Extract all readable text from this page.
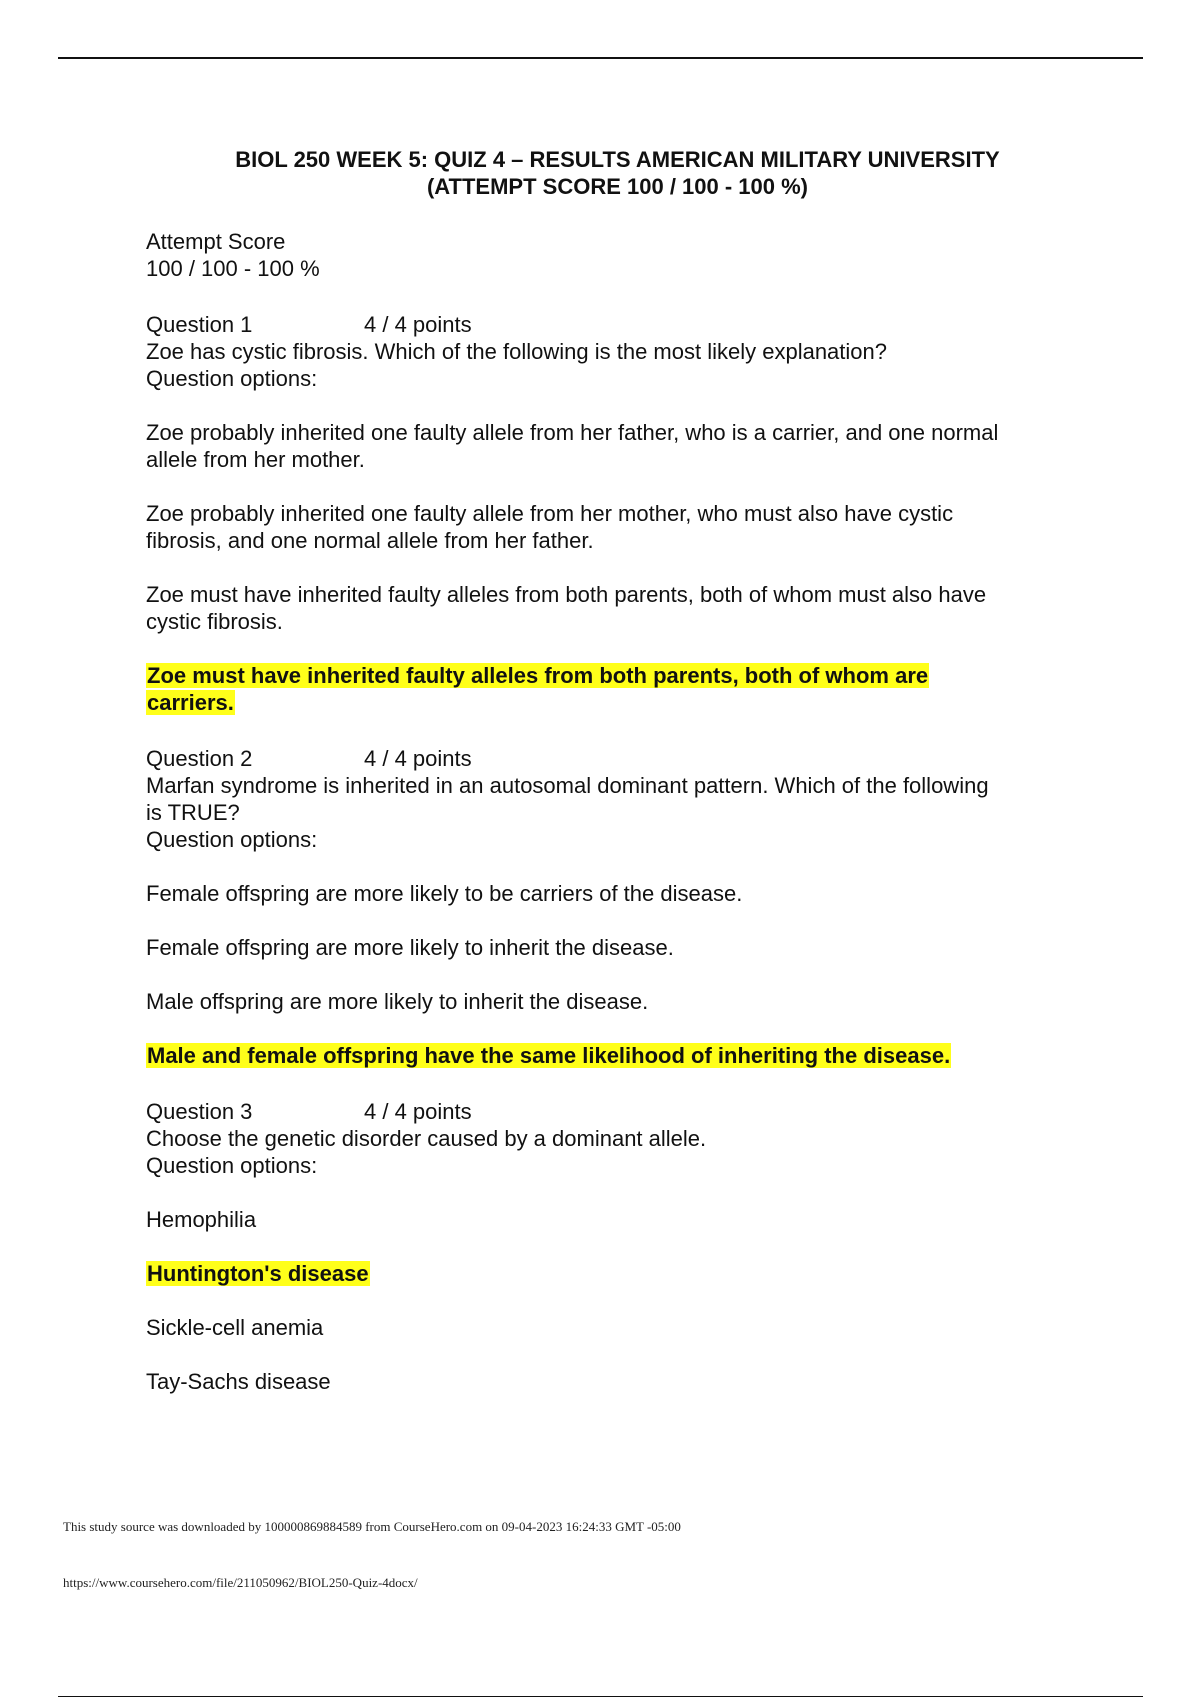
BIOL 250 WEEK 5: QUIZ 4 – RESULTS AMERICAN MILITARY UNIVERSITY
(ATTEMPT SCORE 100 / 100 - 100 %)
Attempt Score
100 / 100 - 100 %
Question 1	4 / 4 points
Zoe has cystic fibrosis. Which of the following is the most likely explanation?
Question options:
Zoe probably inherited one faulty allele from her father, who is a carrier, and one normal
allele from her mother.
Zoe probably inherited one faulty allele from her mother, who must also have cystic
fibrosis, and one normal allele from her father.
Zoe must have inherited faulty alleles from both parents, both of whom must also have
cystic fibrosis.
Zoe must have inherited faulty alleles from both parents, both of whom are
carriers.
Question 2	4 / 4 points
Marfan syndrome is inherited in an autosomal dominant pattern. Which of the following
is TRUE?
Question options:
Female offspring are more likely to be carriers of the disease.
Female offspring are more likely to inherit the disease.
Male offspring are more likely to inherit the disease.
Male and female offspring have the same likelihood of inheriting the disease.
Question 3	4 / 4 points
Choose the genetic disorder caused by a dominant allele.
Question options:
Hemophilia
Huntington's disease
Sickle-cell anemia
Tay-Sachs disease
This study source was downloaded by 100000869884589 from CourseHero.com on 09-04-2023 16:24:33 GMT -05:00
https://www.coursehero.com/file/211050962/BIOL250-Quiz-4docx/
